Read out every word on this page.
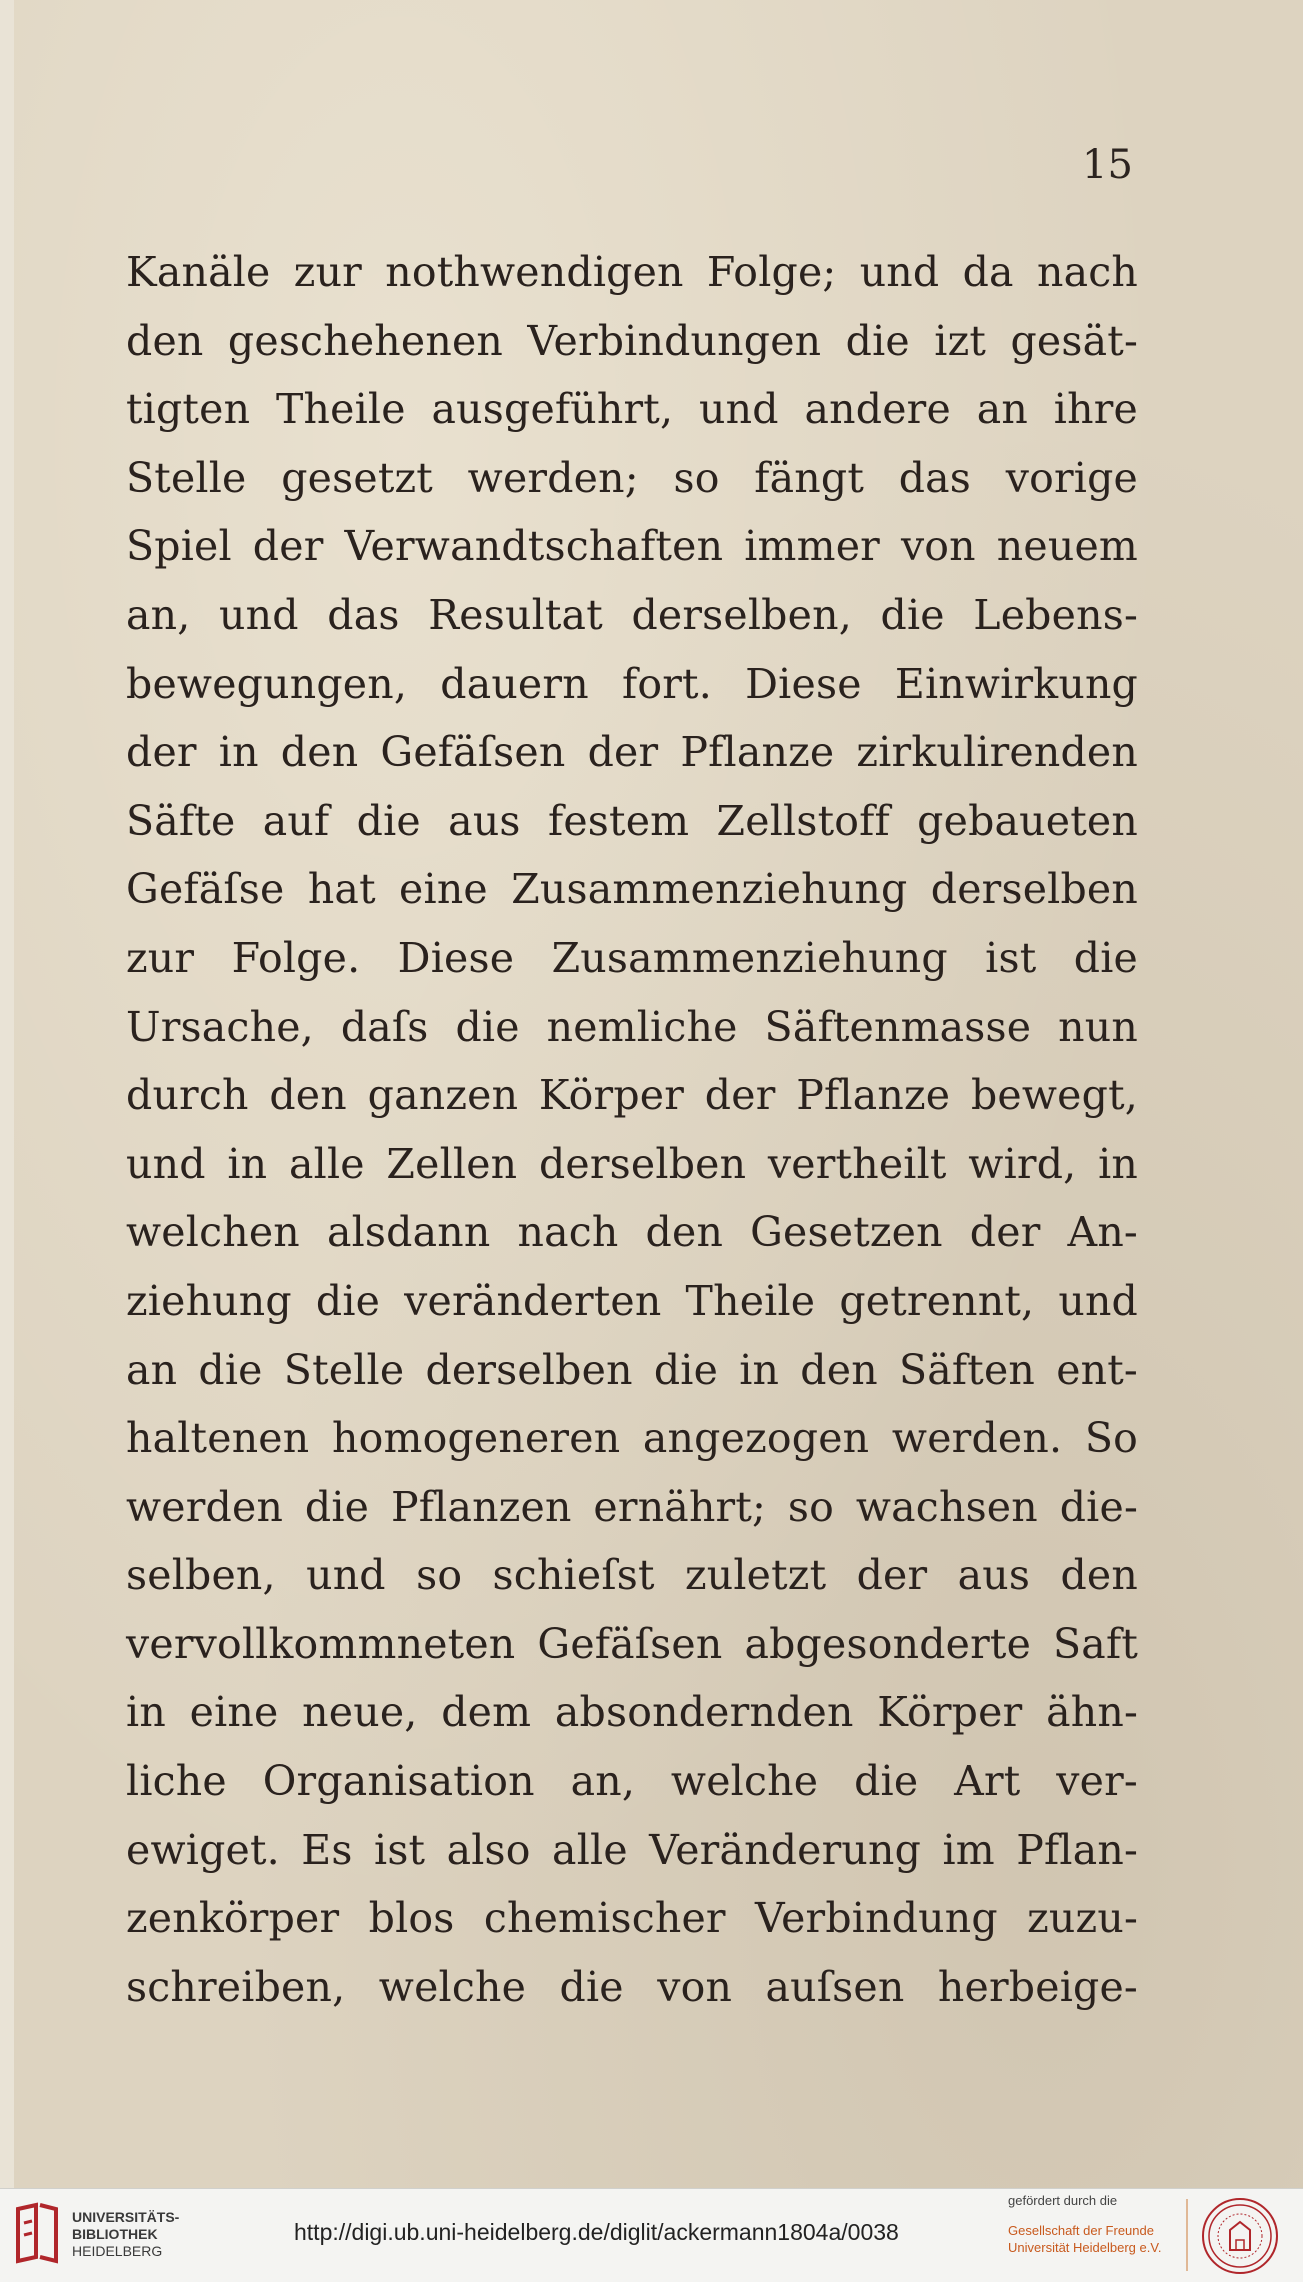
15
Kanäle zur nothwendigen Folge; und da nach
den geschehenen Verbindungen die izt gesät-
tigten Theile ausgeführt, und andere an ihre
Stelle gesetzt werden; so fängt das vorige
Spiel der Verwandtschaften immer von neuem
an, und das Resultat derselben, die Lebens-
bewegungen, dauern fort. Diese Einwirkung
der in den Gefäſsen der Pflanze zirkulirenden
Säfte auf die aus festem Zellstoff gebaueten
Gefäſse hat eine Zusammenziehung derselben
zur Folge. Diese Zusammenziehung ist die
Ursache, daſs die nemliche Säftenmasse nun
durch den ganzen Körper der Pflanze bewegt,
und in alle Zellen derselben vertheilt wird, in
welchen alsdann nach den Gesetzen der An-
ziehung die veränderten Theile getrennt, und
an die Stelle derselben die in den Säften ent-
haltenen homogeneren angezogen werden. So
werden die Pflanzen ernährt; so wachsen die-
selben, und so schieſst zuletzt der aus den
vervollkommneten Gefäſsen abgesonderte Saft
in eine neue, dem absondernden Körper ähn-
liche Organisation an, welche die Art ver-
ewiget. Es ist also alle Veränderung im Pflan-
zenkörper blos chemischer Verbindung zuzu-
schreiben, welche die von auſsen herbeige-
UNIVERSITÄTS-
BIBLIOTHEK
HEIDELBERG
http://digi.ub.uni-heidelberg.de/diglit/ackermann1804a/0038
gefördert durch die
Gesellschaft der Freunde
Universität Heidelberg e.V.
